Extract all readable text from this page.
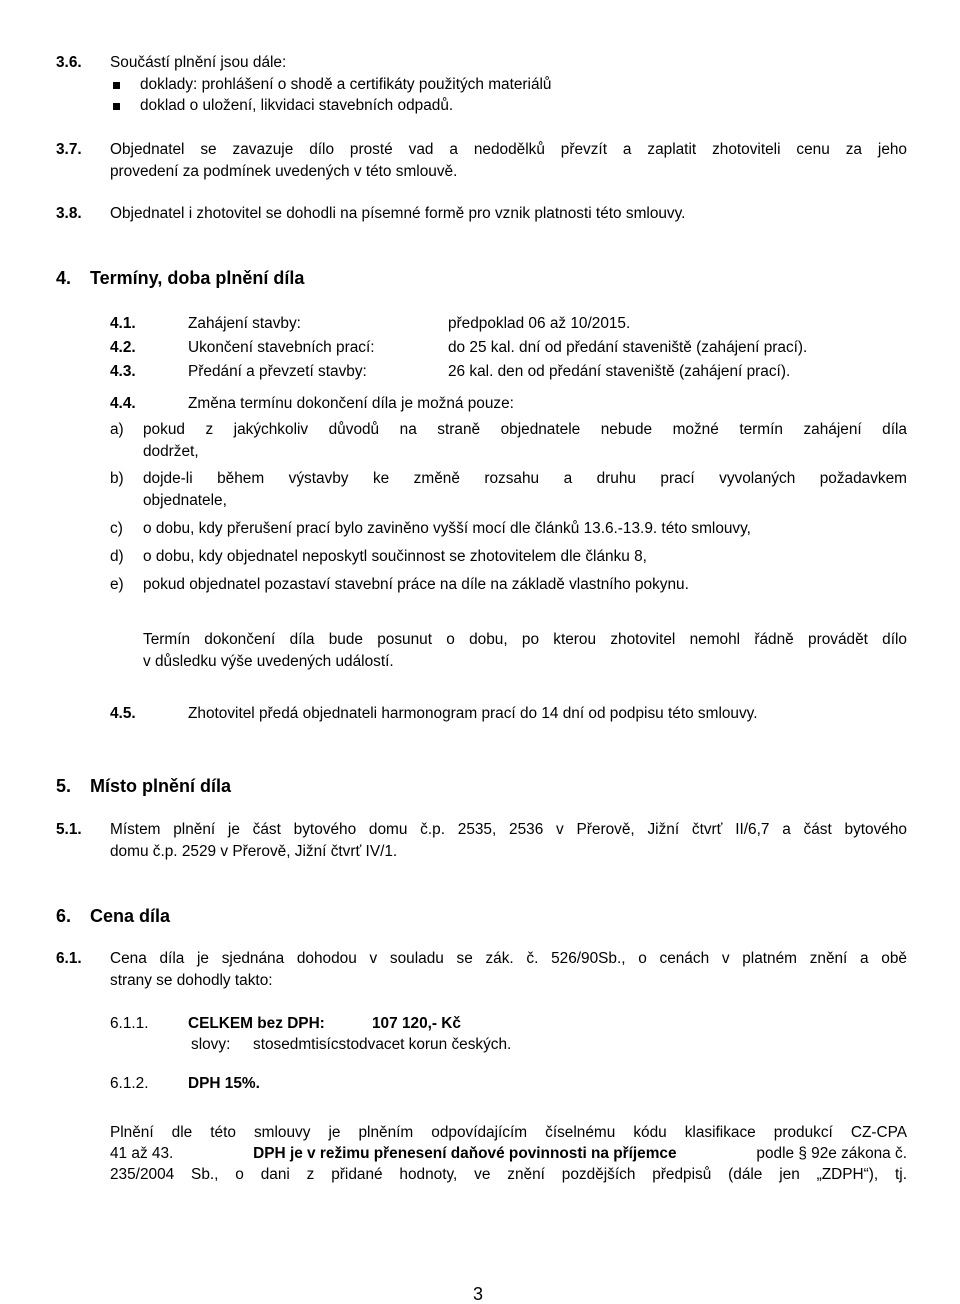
3.6. Součástí plnění jsou dále:
doklady: prohlášení o shodě a certifikáty použitých materiálů
doklad o uložení, likvidaci stavebních odpadů.
3.7. Objednatel se zavazuje dílo prosté vad a nedodělků převzít a zaplatit zhotoviteli cenu za jeho
provedení za podmínek uvedených v této smlouvě.
3.8. Objednatel i zhotovitel se dohodli na písemné formě pro vznik platnosti této smlouvy.
4. Termíny, doba plnění díla
4.1.	Zahájení stavby:	předpoklad 06 až 10/2015.
4.2.	Ukončení stavebních prací:	do 25 kal. dní od předání staveniště (zahájení prací).
4.3.	Předání a převzetí stavby:	26 kal. den od předání staveniště (zahájení prací).
4.4.	Změna termínu dokončení díla je možná pouze:
a) pokud z jakýchkoliv důvodů na straně objednatele nebude možné termín zahájení díla
dodržet,
b) dojde-li během výstavby ke změně rozsahu a druhu prací vyvolaných požadavkem
objednatele,
c) o dobu, kdy přerušení prací bylo zaviněno vyšší mocí dle článků 13.6.-13.9. této smlouvy,
d) o dobu, kdy objednatel neposkytl součinnost se zhotovitelem dle článku 8,
e) pokud objednatel pozastaví stavební práce na díle na základě vlastního pokynu.
Termín dokončení díla bude posunut o dobu, po kterou zhotovitel nemohl řádně provádět dílo
v důsledku výše uvedených událostí.
4.5.	Zhotovitel předá objednateli harmonogram prací do 14 dní od podpisu této smlouvy.
5. Místo plnění díla
5.1. Místem plnění je část bytového domu č.p. 2535, 2536 v Přerově, Jižní čtvrť II/6,7 a část bytového
domu č.p. 2529 v Přerově, Jižní čtvrť IV/1.
6. Cena díla
6.1. Cena díla je sjednána dohodou v souladu se zák. č. 526/90Sb., o cenách v platném znění a obě
strany se dohodly takto:
6.1.1.	CELKEM bez DPH:	107 120,- Kč
slovy: stosedmtisícstodvacet korun českých.
6.1.2.	DPH 15%.
Plnění dle této smlouvy je plněním odpovídajícím číselnému kódu klasifikace produkcí CZ-CPA
41 až 43.	DPH je v režimu přenesení daňové povinnosti na příjemce	podle § 92e zákona č.
235/2004 Sb., o dani z přidané hodnoty, ve znění pozdějších předpisů (dále jen „ZDPH“), tj.
3
